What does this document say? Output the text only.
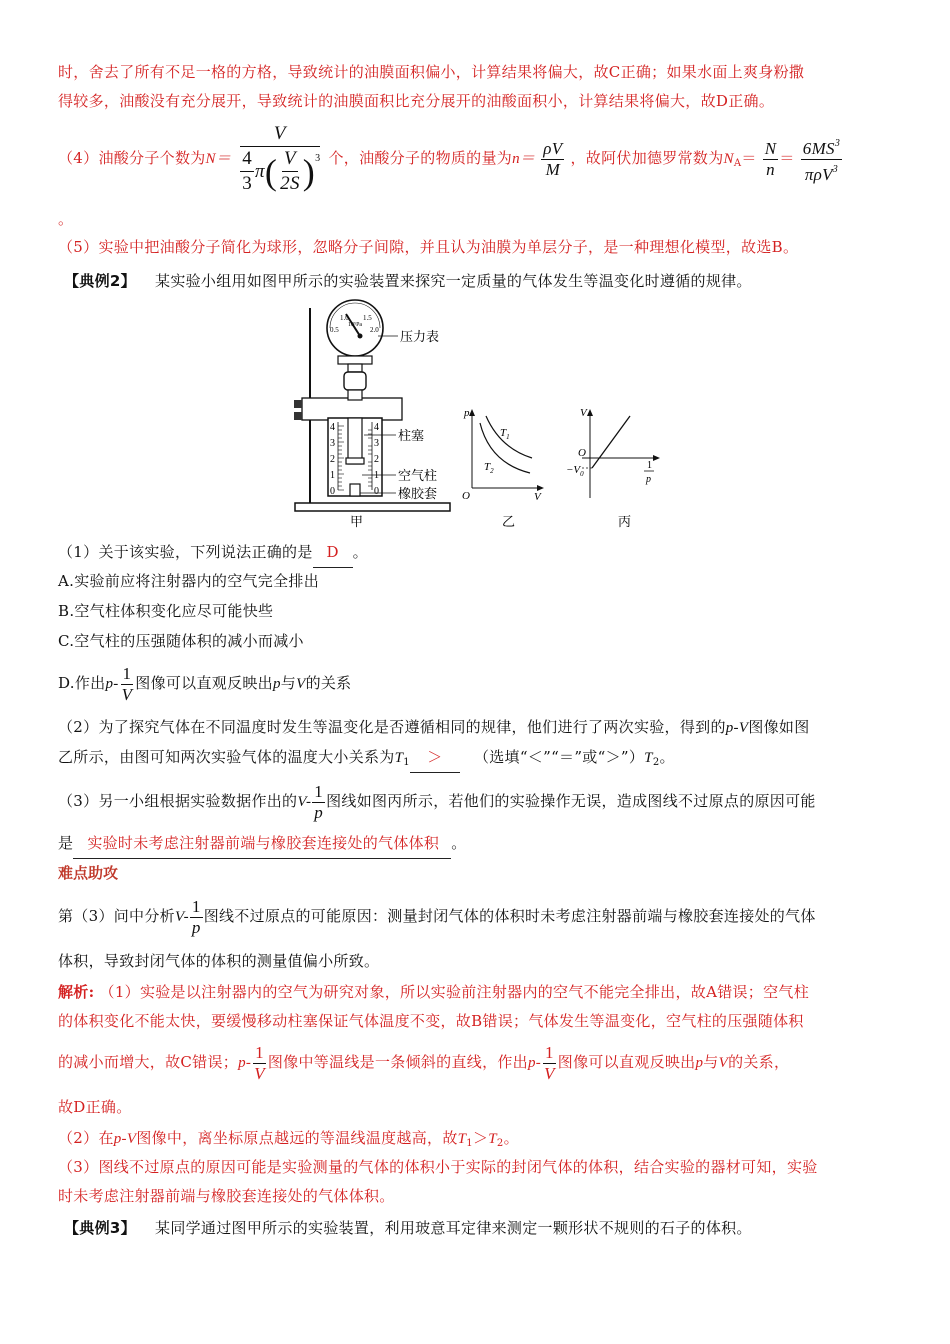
时，舍去了所有不足一格的方格，导致统计的油膜面积偏小，计算结果将偏大，故C正确；如果水面上爽身粉撒
得较多，油酸没有充分展开，导致统计的油膜面积比充分展开的油酸面积小，计算结果将偏大，故D正确。
（4）油酸分子个数为$N= \frac{V}{\frac{4}{3} \pi ( \frac{V}{2S} ) 3}$ 个，油酸分子的物质的量为$n= \frac{\rho V}{M}$ ，故阿伏加德罗常数为$N_A= \frac{N}{n} = \frac{6MS^3}{\pi\rho V^3}$
。
（5）实验中把油酸分子简化为球形，忽略分子间隙，并且认为油膜为单层分子，是一种理想化模型，故选B。
【典例2】 某实验小组用如图甲所示的实验装置来探究一定质量的气体发生等温变化时遵循的规律。
0.5
1.0 1.5
2.0
10⁵Pa
4
3
2
1
0
4
3
2
1
0
压力表
柱塞
空气柱
橡胶套
甲
p
V
O
$T_1$
$T_2$
乙
V
O
$-V_0$
1
p
丙
（1）关于该实验，下列说法正确的是 D 。
A.实验前应将注射器内的空气完全排出
B.空气柱体积变化应尽可能快些
C.空气柱的压强随体积的减小而减小
D.作出$p- \frac{1}{V}$ 图像可以直观反映出p与V的关系
（2）为了探究气体在不同温度时发生等温变化是否遵循相同的规律，他们进行了两次实验，得到的p-V图像如图
乙所示，由图可知两次实验气体的温度大小关系为$T_1$ ＞ （选填“＜”“＝”或“$>”)T_2$。
（3）另一小组根据实验数据作出的$V- \frac{1}{p}$ 图线如图丙所示，若他们的实验操作无误，造成图线不过原点的原因可能
是 实验时未考虑注射器前端与橡胶套连接处的气体体积 。
难点助攻
第（3）问中分析$V- \frac{1}{p}$ 图线不过原点的可能原因：测量封闭气体的体积时未考虑注射器前端与橡胶套连接处的气体
体积，导致封闭气体的体积的测量值偏小所致。
解析: （1）实验是以注射器内的空气为研究对象，所以实验前注射器内的空气不能完全排出，故A错误；空气柱
的体积变化不能太快，要缓慢移动柱塞保证气体温度不变，故B错误；气体发生等温变化，空气柱的压强随体积
的减小而增大，故C错误；$p- \frac{1}{V}$ 图像中等温线是一条倾斜的直线，作出$p- \frac{1}{V}$ 图像可以直观反映出p与V的关系，
故D正确。
（2）在p-V图像中，离坐标原点越远的等温线温度越高，故$T_1>T_2$。
（3）图线不过原点的原因可能是实验测量的气体的体积小于实际的封闭气体的体积，结合实验的器材可知，实验
时未考虑注射器前端与橡胶套连接处的气体体积。
【典例3】 某同学通过图甲所示的实验装置，利用玻意耳定律来测定一颗形状不规则的石子的体积。
